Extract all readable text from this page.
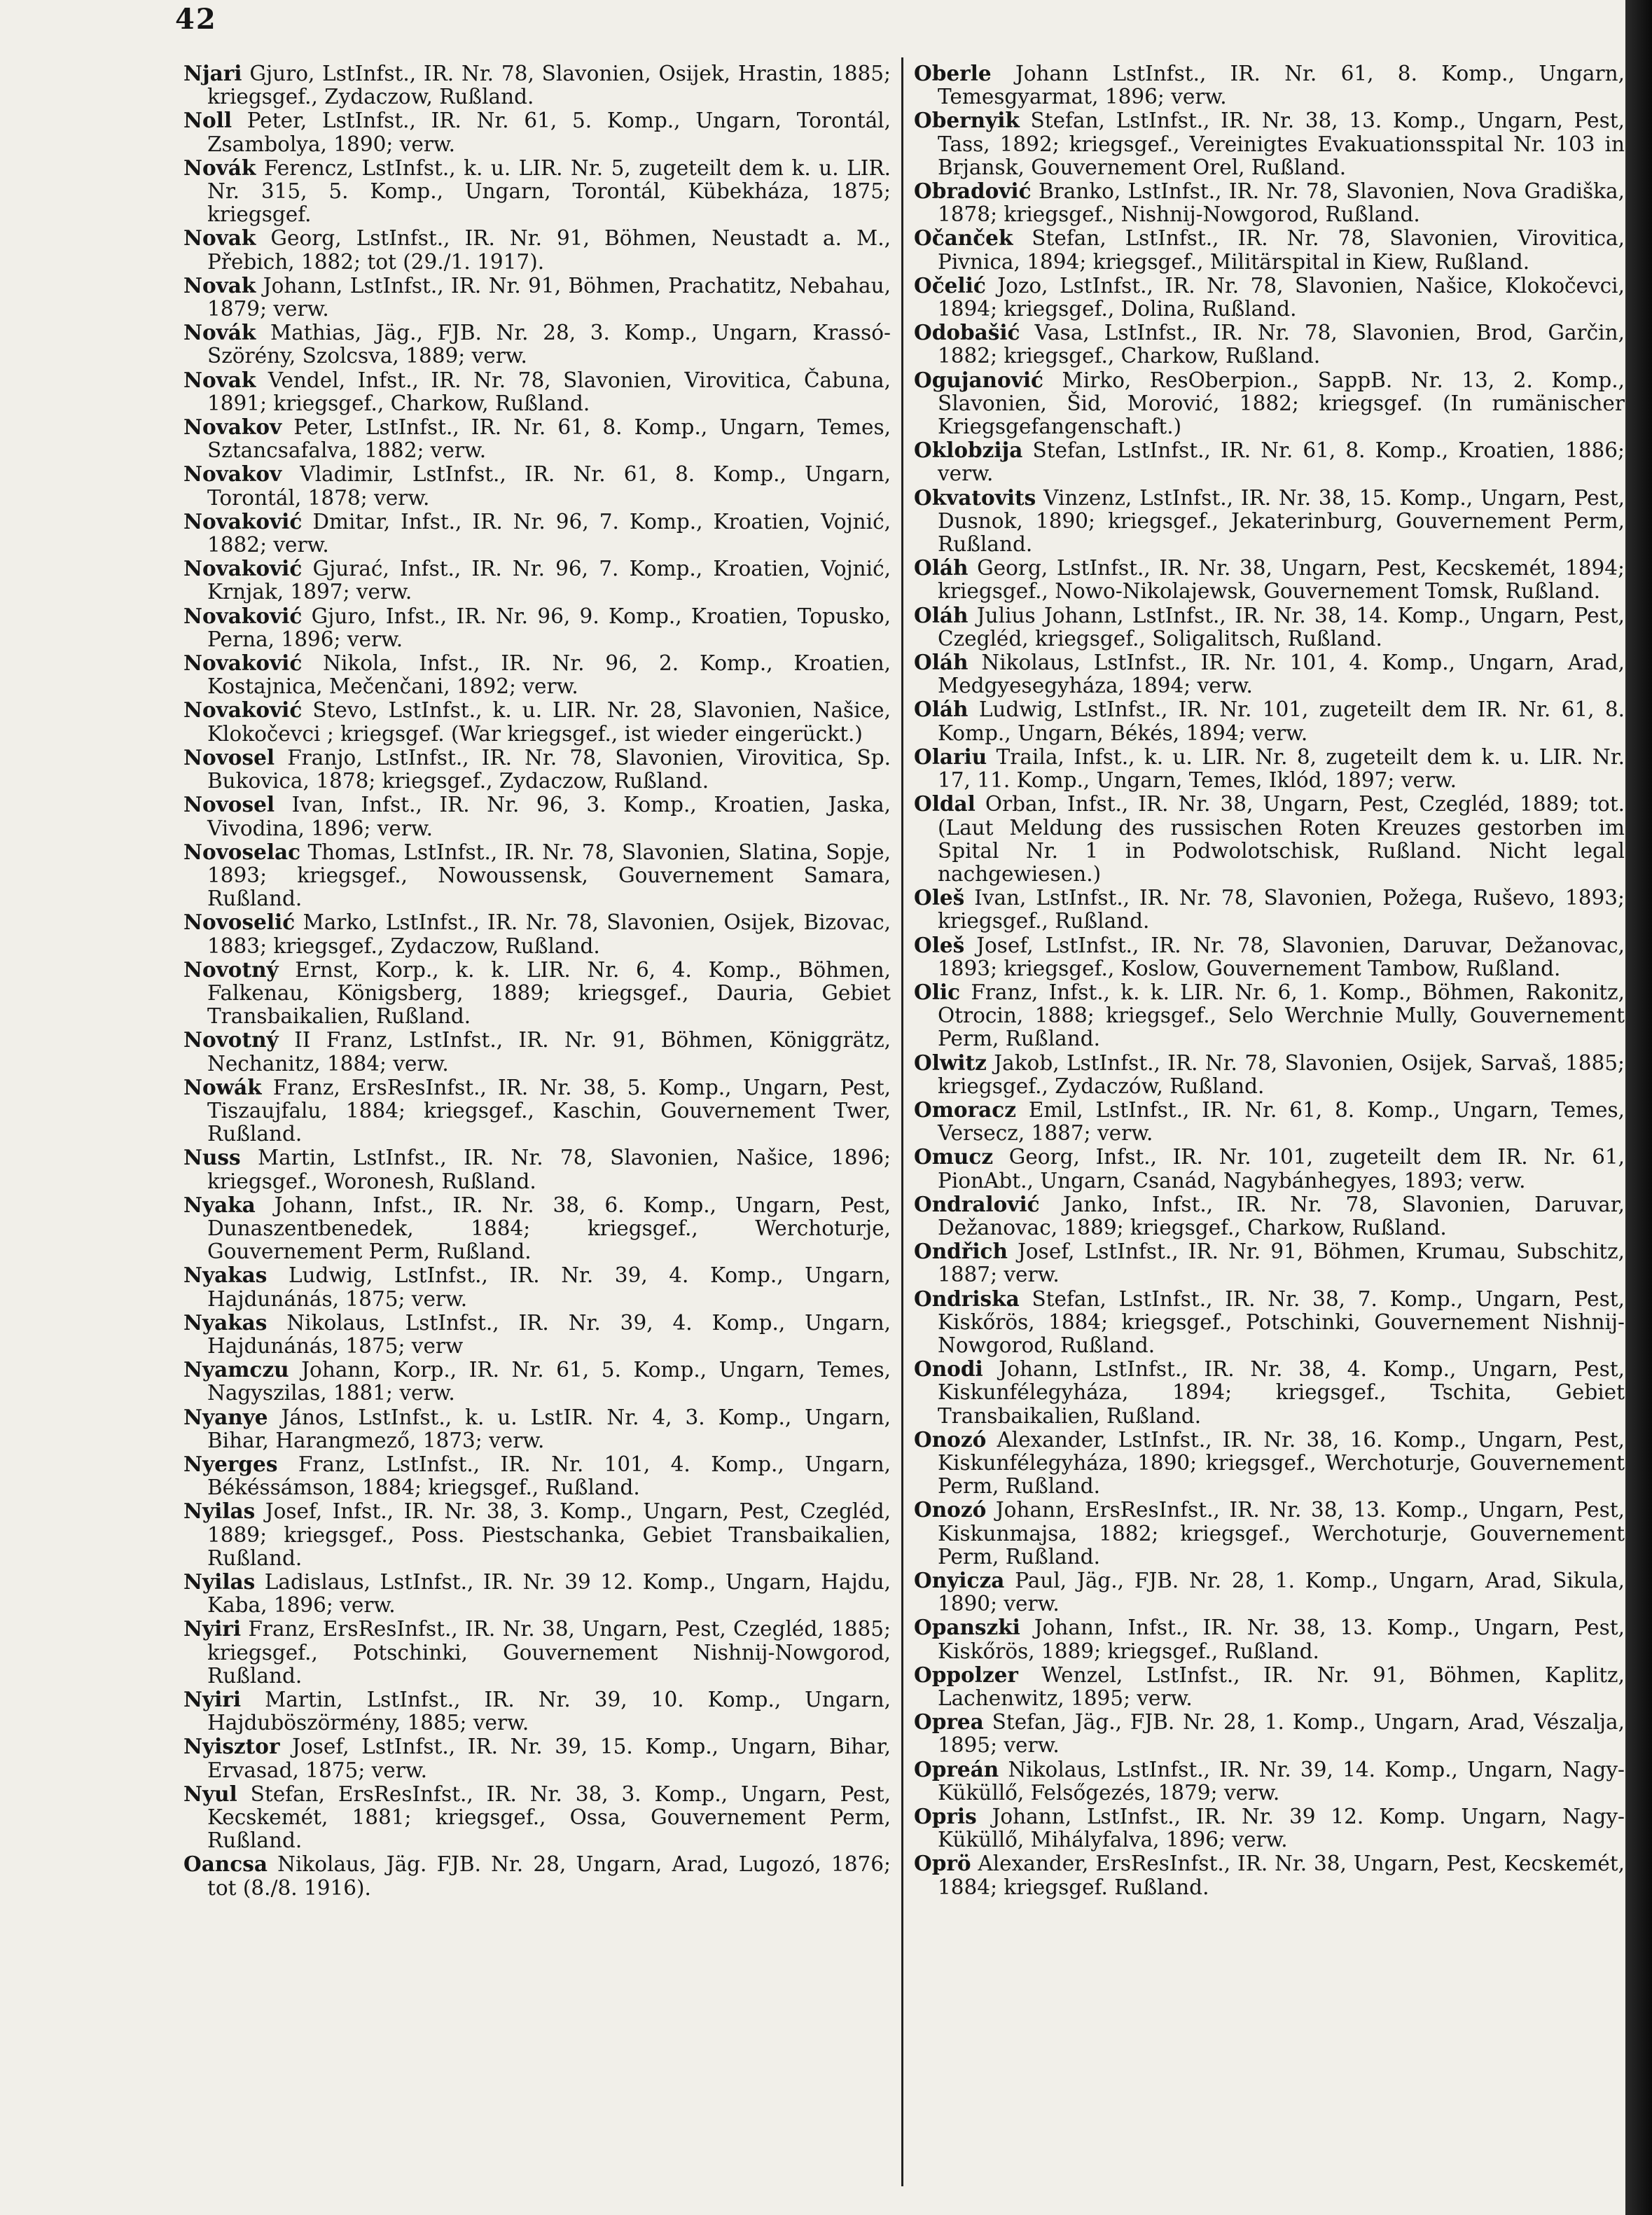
42

Njari Gjuro, LstInfst., IR. Nr. 78, Slavonien, Osijek, Hrastin, 1885; kriegsgef., Zydaczow, Rußland.

Noll Peter, LstInfst., IR. Nr. 61, 5. Komp., Ungarn, Torontál, Zsambolya, 1890; verw.

Novák Ferencz, LstInfst., k. u. LIR. Nr. 5, zugeteilt dem k. u. LIR. Nr. 315, 5. Komp., Ungarn, Torontál, Kübekháza, 1875; kriegsgef.

Novak Georg, LstInfst., IR. Nr. 91, Böhmen, Neustadt a. M., Přebich, 1882; tot (29./1. 1917).

Novak Johann, LstInfst., IR. Nr. 91, Böhmen, Prachatitz, Nebahau, 1879; verw.

Novák Mathias, Jäg., FJB. Nr. 28, 3. Komp., Ungarn, Krassó-Szörény, Szolcsva, 1889; verw.

Novak Vendel, Infst., IR. Nr. 78, Slavonien, Virovitica, Čabuna, 1891; kriegsgef., Charkow, Rußland.

Novakov Peter, LstInfst., IR. Nr. 61, 8. Komp., Ungarn, Temes, Sztancsafalva, 1882; verw.

Novakov Vladimir, LstInfst., IR. Nr. 61, 8. Komp., Ungarn, Torontál, 1878; verw.

Novaković Dmitar, Infst., IR. Nr. 96, 7. Komp., Kroatien, Vojnić, 1882; verw.

Novaković Gjurać, Infst., IR. Nr. 96, 7. Komp., Kroatien, Vojnić, Krnjak, 1897; verw.

Novaković Gjuro, Infst., IR. Nr. 96, 9. Komp., Kroatien, Topusko, Perna, 1896; verw.

Novaković Nikola, Infst., IR. Nr. 96, 2. Komp., Kroatien, Kostajnica, Mečenčani, 1892; verw.

Novaković Stevo, LstInfst., k. u. LIR. Nr. 28, Slavonien, Našice, Klokočevci ; kriegsgef. (War kriegsgef., ist wieder eingerückt.)

Novosel Franjo, LstInfst., IR. Nr. 78, Slavonien, Virovitica, Sp. Bukovica, 1878; kriegsgef., Zydaczow, Rußland.

Novosel Ivan, Infst., IR. Nr. 96, 3. Komp., Kroatien, Jaska, Vivodina, 1896; verw.

Novoselac Thomas, LstInfst., IR. Nr. 78, Slavonien, Slatina, Sopje, 1893; kriegsgef., Nowoussensk, Gouvernement Samara, Rußland.

Novoselić Marko, LstInfst., IR. Nr. 78, Slavonien, Osijek, Bizovac, 1883; kriegsgef., Zydaczow, Rußland.

Novotný Ernst, Korp., k. k. LIR. Nr. 6, 4. Komp., Böhmen, Falkenau, Königsberg, 1889; kriegsgef., Dauria, Gebiet Transbaikalien, Rußland.

Novotný II Franz, LstInfst., IR. Nr. 91, Böhmen, Königgrätz, Nechanitz, 1884; verw.

Nowák Franz, ErsResInfst., IR. Nr. 38, 5. Komp., Ungarn, Pest, Tiszaujfalu, 1884; kriegsgef., Kaschin, Gouvernement Twer, Rußland.

Nuss Martin, LstInfst., IR. Nr. 78, Slavonien, Našice, 1896; kriegsgef., Woronesh, Rußland.

Nyaka Johann, Infst., IR. Nr. 38, 6. Komp., Ungarn, Pest, Dunaszentbenedek, 1884; kriegsgef., Werchoturje, Gouvernement Perm, Rußland.

Nyakas Ludwig, LstInfst., IR. Nr. 39, 4. Komp., Ungarn, Hajdunánás, 1875; verw.

Nyakas Nikolaus, LstInfst., IR. Nr. 39, 4. Komp., Ungarn, Hajdunánás, 1875; verw

Nyamczu Johann, Korp., IR. Nr. 61, 5. Komp., Ungarn, Temes, Nagyszilas, 1881; verw.

Nyanye János, LstInfst., k. u. LstIR. Nr. 4, 3. Komp., Ungarn, Bihar, Harangmező, 1873; verw.

Nyerges Franz, LstInfst., IR. Nr. 101, 4. Komp., Ungarn, Békéssámson, 1884; kriegsgef., Rußland.

Nyilas Josef, Infst., IR. Nr. 38, 3. Komp., Ungarn, Pest, Czegléd, 1889; kriegsgef., Poss. Piestschanka, Gebiet Transbaikalien, Rußland.

Nyilas Ladislaus, LstInfst., IR. Nr. 39 12. Komp., Ungarn, Hajdu, Kaba, 1896; verw.

Nyiri Franz, ErsResInfst., IR. Nr. 38, Ungarn, Pest, Czegléd, 1885; kriegsgef., Potschinki, Gouvernement Nishnij-Nowgorod, Rußland.

Nyiri Martin, LstInfst., IR. Nr. 39, 10. Komp., Ungarn, Hajduböszörmény, 1885; verw.

Nyisztor Josef, LstInfst., IR. Nr. 39, 15. Komp., Ungarn, Bihar, Ervasad, 1875; verw.

Nyul Stefan, ErsResInfst., IR. Nr. 38, 3. Komp., Ungarn, Pest, Kecskemét, 1881; kriegsgef., Ossa, Gouvernement Perm, Rußland.

Oancsa Nikolaus, Jäg. FJB. Nr. 28, Ungarn, Arad, Lugozó, 1876; tot (8./8. 1916).

Oberle Johann LstInfst., IR. Nr. 61, 8. Komp., Ungarn, Temesgyarmat, 1896; verw.

Obernyik Stefan, LstInfst., IR. Nr. 38, 13. Komp., Ungarn, Pest, Tass, 1892; kriegsgef., Vereinigtes Evakuationsspital Nr. 103 in Brjansk, Gouvernement Orel, Rußland.

Obradović Branko, LstInfst., IR. Nr. 78, Slavonien, Nova Gradiška, 1878; kriegsgef., Nishnij-Nowgorod, Rußland.

Očanček Stefan, LstInfst., IR. Nr. 78, Slavonien, Virovitica, Pivnica, 1894; kriegsgef., Militärspital in Kiew, Rußland.

Očelić Jozo, LstInfst., IR. Nr. 78, Slavonien, Našice, Klokočevci, 1894; kriegsgef., Dolina, Rußland.

Odobašić Vasa, LstInfst., IR. Nr. 78, Slavonien, Brod, Garčin, 1882; kriegsgef., Charkow, Rußland.

Ogujanović Mirko, ResOberpion., SappB. Nr. 13, 2. Komp., Slavonien, Šid, Morović, 1882; kriegsgef. (In rumänischer Kriegsgefangenschaft.)

Oklobzija Stefan, LstInfst., IR. Nr. 61, 8. Komp., Kroatien, 1886; verw.

Okvatovits Vinzenz, LstInfst., IR. Nr. 38, 15. Komp., Ungarn, Pest, Dusnok, 1890; kriegsgef., Jekaterinburg, Gouvernement Perm, Rußland.

Oláh Georg, LstInfst., IR. Nr. 38, Ungarn, Pest, Kecskemét, 1894; kriegsgef., Nowo-Nikolajewsk, Gouvernement Tomsk, Rußland.

Oláh Julius Johann, LstInfst., IR. Nr. 38, 14. Komp., Ungarn, Pest, Czegléd, kriegsgef., Soligalitsch, Rußland.

Oláh Nikolaus, LstInfst., IR. Nr. 101, 4. Komp., Ungarn, Arad, Medgyesegyháza, 1894; verw.

Oláh Ludwig, LstInfst., IR. Nr. 101, zugeteilt dem IR. Nr. 61, 8. Komp., Ungarn, Békés, 1894; verw.

Olariu Traila, Infst., k. u. LIR. Nr. 8, zugeteilt dem k. u. LIR. Nr. 17, 11. Komp., Ungarn, Temes, Iklód, 1897; verw.

Oldal Orban, Infst., IR. Nr. 38, Ungarn, Pest, Czegléd, 1889; tot. (Laut Meldung des russischen Roten Kreuzes gestorben im Spital Nr. 1 in Podwolotschisk, Rußland. Nicht legal nachgewiesen.)

Oleš Ivan, LstInfst., IR. Nr. 78, Slavonien, Požega, Ruševo, 1893; kriegsgef., Rußland.

Oleš Josef, LstInfst., IR. Nr. 78, Slavonien, Daruvar, Dežanovac, 1893; kriegsgef., Koslow, Gouvernement Tambow, Rußland.

Olic Franz, Infst., k. k. LIR. Nr. 6, 1. Komp., Böhmen, Rakonitz, Otrocin, 1888; kriegsgef., Selo Werchnie Mully, Gouvernement Perm, Rußland.

Olwitz Jakob, LstInfst., IR. Nr. 78, Slavonien, Osijek, Sarvaš, 1885; kriegsgef., Zydaczów, Rußland.

Omoracz Emil, LstInfst., IR. Nr. 61, 8. Komp., Ungarn, Temes, Versecz, 1887; verw.

Omucz Georg, Infst., IR. Nr. 101, zugeteilt dem IR. Nr. 61, PionAbt., Ungarn, Csanád, Nagybánhegyes, 1893; verw.

Ondralović Janko, Infst., IR. Nr. 78, Slavonien, Daruvar, Dežanovac, 1889; kriegsgef., Charkow, Rußland.

Ondřich Josef, LstInfst., IR. Nr. 91, Böhmen, Krumau, Subschitz, 1887; verw.

Ondriska Stefan, LstInfst., IR. Nr. 38, 7. Komp., Ungarn, Pest, Kiskőrös, 1884; kriegsgef., Potschinki, Gouvernement Nishnij-Nowgorod, Rußland.

Onodi Johann, LstInfst., IR. Nr. 38, 4. Komp., Ungarn, Pest, Kiskunfélegyháza, 1894; kriegsgef., Tschita, Gebiet Transbaikalien, Rußland.

Onozó Alexander, LstInfst., IR. Nr. 38, 16. Komp., Ungarn, Pest, Kiskunfélegyháza, 1890; kriegsgef., Werchoturje, Gouvernement Perm, Rußland.

Onozó Johann, ErsResInfst., IR. Nr. 38, 13. Komp., Ungarn, Pest, Kiskunmajsa, 1882; kriegsgef., Werchoturje, Gouvernement Perm, Rußland.

Onyicza Paul, Jäg., FJB. Nr. 28, 1. Komp., Ungarn, Arad, Sikula, 1890; verw.

Opanszki Johann, Infst., IR. Nr. 38, 13. Komp., Ungarn, Pest, Kiskőrös, 1889; kriegsgef., Rußland.

Oppolzer Wenzel, LstInfst., IR. Nr. 91, Böhmen, Kaplitz, Lachenwitz, 1895; verw.

Oprea Stefan, Jäg., FJB. Nr. 28, 1. Komp., Ungarn, Arad, Vészalja, 1895; verw.

Opreán Nikolaus, LstInfst., IR. Nr. 39, 14. Komp., Ungarn, Nagy-Küküllő, Felsőgezés, 1879; verw.

Opris Johann, LstInfst., IR. Nr. 39 12. Komp. Ungarn, Nagy-Küküllő, Mihályfalva, 1896; verw.

Oprö Alexander, ErsResInfst., IR. Nr. 38, Ungarn, Pest, Kecskemét, 1884; kriegsgef. Rußland.
